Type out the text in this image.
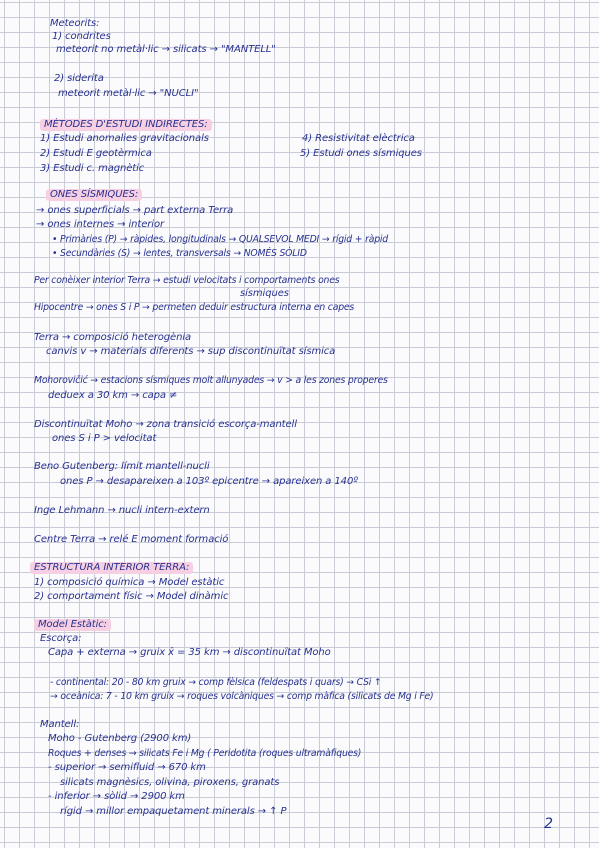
Meteorits:
1) condrites
meteorit no metàl·lic → silicats → "MANTELL"
2) siderita
meteorit metàl·lic → "NUCLI"
MÈTODES D'ESTUDI INDIRECTES:
1) Estudi anomalies gravitacionals	4) Resistivitat elèctrica
2) Estudi E geotèrmica	5) Estudi ones sísmiques
3) Estudi c. magnètic
ONES SÍSMIQUES:
→ ones superficials → part externa Terra
→ ones internes → interior
• Primàries (P) → ràpides, longitudinals → QUALSEVOL MEDI → rígid + ràpid
• Secundàries (S) → lentes, transversals → NOMÉS SÒLID
Per conèixer interior Terra → estudi velocitats i comportaments ones
sísmiques
Hipocentre → ones S i P → permeten deduir estructura interna en capes
Terra → composició heterogènia
canvis v → materials diferents → sup discontinuïtat sísmica
Mohorovičić → estacions sísmiques molt allunyades → v > a les zones properes
deduex a 30 km → capa ≠
Discontinuïtat Moho → zona transició escorça-mantell
ones S i P > velocitat
Beno Gutenberg: límit mantell-nucli
ones P → desapareixen a 103º epicentre → apareixen a 140º
Inge Lehmann → nucli intern-extern
Centre Terra → relé E moment formació
ESTRUCTURA INTERIOR TERRA:
1) composició química → Model estàtic
2) comportament físic → Model dinàmic
Model Estàtic:
Escorça:
Capa + externa → gruix x̄ = 35 km → discontinuïtat Moho
- continental: 20 - 80 km gruix → comp fèlsica (feldespats i quars) → CSi ↑
→ oceànica: 7 - 10 km gruix → roques volcàniques → comp màfica (silicats de Mg i Fe)
Mantell:
Moho - Gutenberg (2900 km)
Roques + denses → silicats Fe i Mg ( Peridotita (roques ultramàfiques)
- superior → semifluid → 670 km
silicats magnèsics, olivina, piroxens, granats
- inferior → sòlid → 2900 km
rígid → millor empaquetament minerals → ↑ P
2
